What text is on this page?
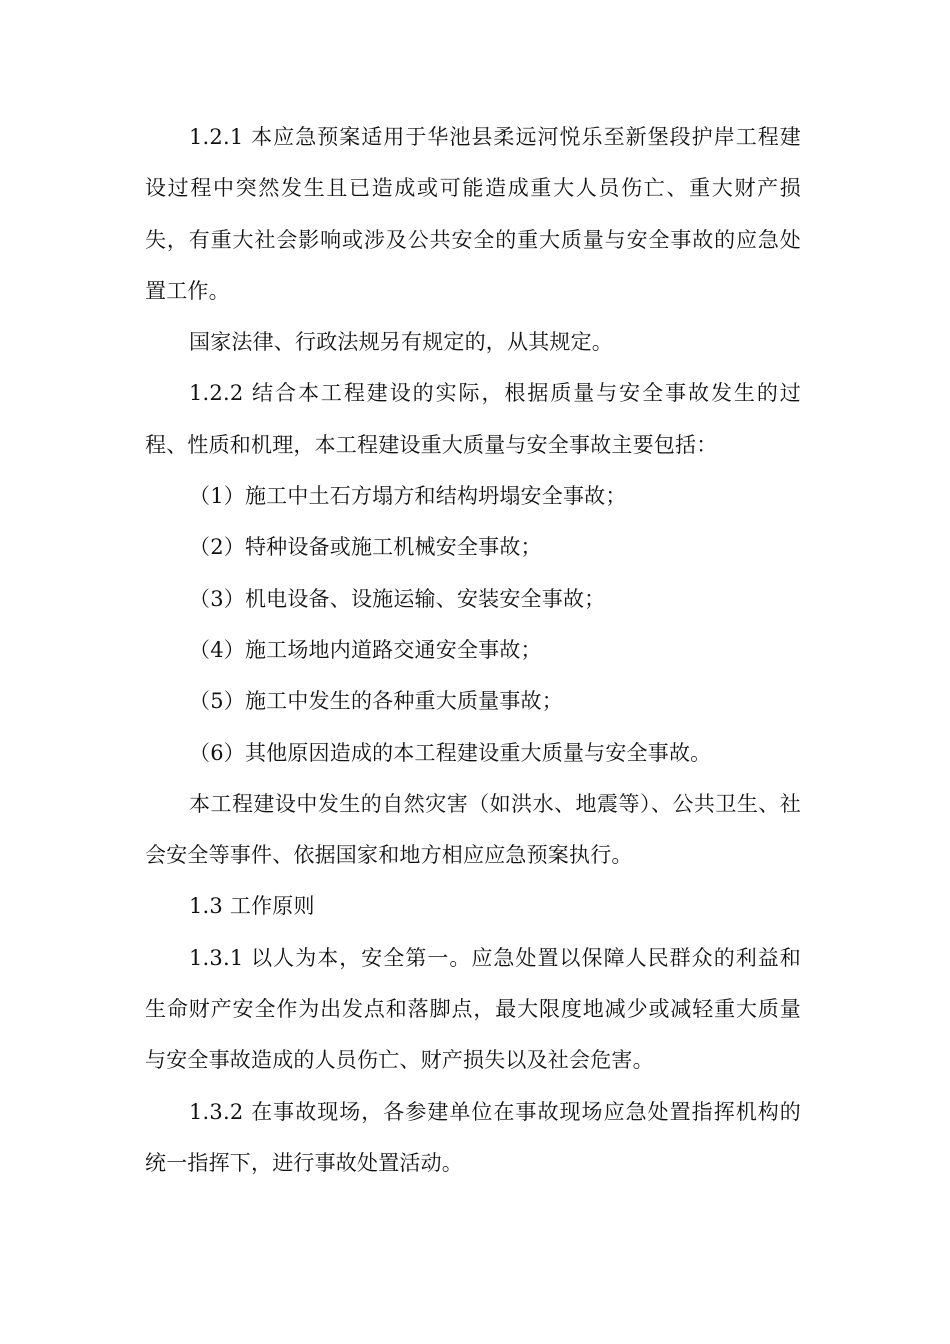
1.2.1 本应急预案适用于华池县柔远河悦乐至新堡段护岸工程建设过程中突然发生且已造成或可能造成重大人员伤亡、重大财产损失，有重大社会影响或涉及公共安全的重大质量与安全事故的应急处置工作。

国家法律、行政法规另有规定的，从其规定。

1.2.2 结合本工程建设的实际，根据质量与安全事故发生的过程、性质和机理，本工程建设重大质量与安全事故主要包括：

（1）施工中土石方塌方和结构坍塌安全事故；

（2）特种设备或施工机械安全事故；

（3）机电设备、设施运输、安装安全事故；

（4）施工场地内道路交通安全事故；

（5）施工中发生的各种重大质量事故；

（6）其他原因造成的本工程建设重大质量与安全事故。

本工程建设中发生的自然灾害（如洪水、地震等）、公共卫生、社会安全等事件、依据国家和地方相应应急预案执行。

1.3 工作原则

1.3.1 以人为本，安全第一。应急处置以保障人民群众的利益和生命财产安全作为出发点和落脚点，最大限度地减少或减轻重大质量与安全事故造成的人员伤亡、财产损失以及社会危害。

1.3.2 在事故现场，各参建单位在事故现场应急处置指挥机构的统一指挥下，进行事故处置活动。
